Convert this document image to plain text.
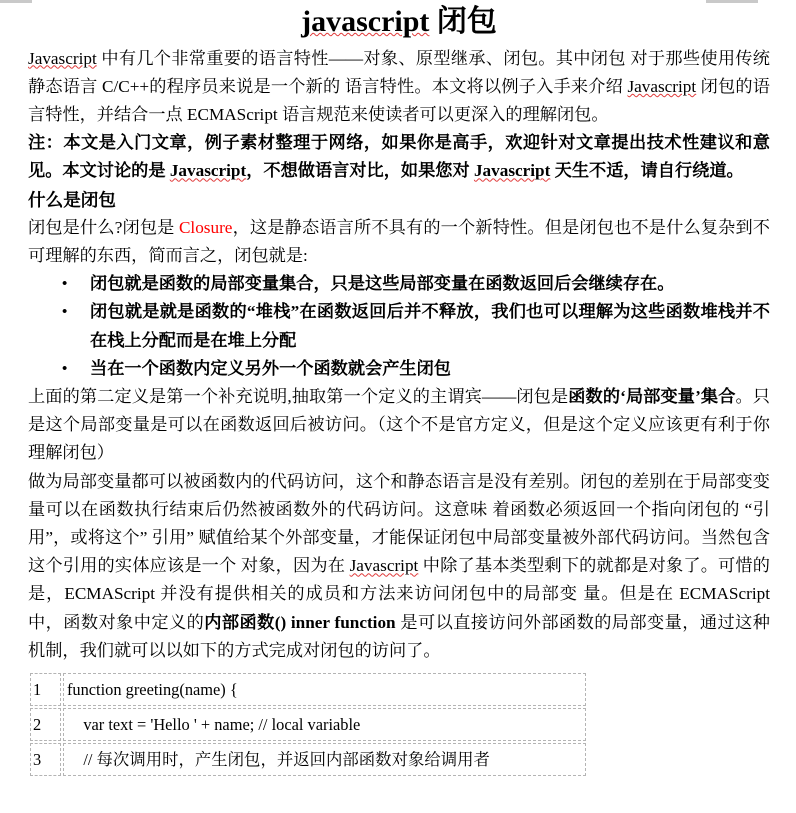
javascript 闭包

Javascript 中有几个非常重要的语言特性——对象、原型继承、闭包。其中闭包 对于那些使用传统静态语言 C/C++的程序员来说是一个新的 语言特性。本文将以例子入手来介绍 Javascript 闭包的语言特性，并结合一点 ECMAScript 语言规范来使读者可以更深入的理解闭包。

注：本文是入门文章，例子素材整理于网络，如果你是高手，欢迎针对文章提出技术性建议和意见。本文讨论的是 Javascript，不想做语言对比，如果您对 Javascript 天生不适，请自行绕道。

什么是闭包

闭包是什么?闭包是 Closure，这是静态语言所不具有的一个新特性。但是闭包也不是什么复杂到不可理解的东西，简而言之，闭包就是:

• 闭包就是函数的局部变量集合，只是这些局部变量在函数返回后会继续存在。
• 闭包就是就是函数的“堆栈”在函数返回后并不释放，我们也可以理解为这些函数堆栈并不在栈上分配而是在堆上分配
• 当在一个函数内定义另外一个函数就会产生闭包

上面的第二定义是第一个补充说明,抽取第一个定义的主谓宾——闭包是函数的‘局部变量’集合。只是这个局部变量是可以在函数返回后被访问。（这个不是官方定义，但是这个定义应该更有利于你理解闭包）

做为局部变量都可以被函数内的代码访问，这个和静态语言是没有差别。闭包的差别在于局部变变量可以在函数执行结束后仍然被函数外的代码访问。这意味 着函数必须返回一个指向闭包的 “引用”，或将这个” 引用” 赋值给某个外部变量，才能保证闭包中局部变量被外部代码访问。当然包含这个引用的实体应该是一个 对象，因为在 Javascript 中除了基本类型剩下的就都是对象了。可惜的是，ECMAScript 并没有提供相关的成员和方法来访问闭包中的局部变 量。但是在 ECMAScript 中，函数对象中定义的内部函数() inner function 是可以直接访问外部函数的局部变量，通过这种机制，我们就可以以如下的方式完成对闭包的访问了。

1	function greeting(name) {
2	var text = 'Hello ' + name; // local variable
3	// 每次调用时，产生闭包，并返回内部函数对象给调用者
